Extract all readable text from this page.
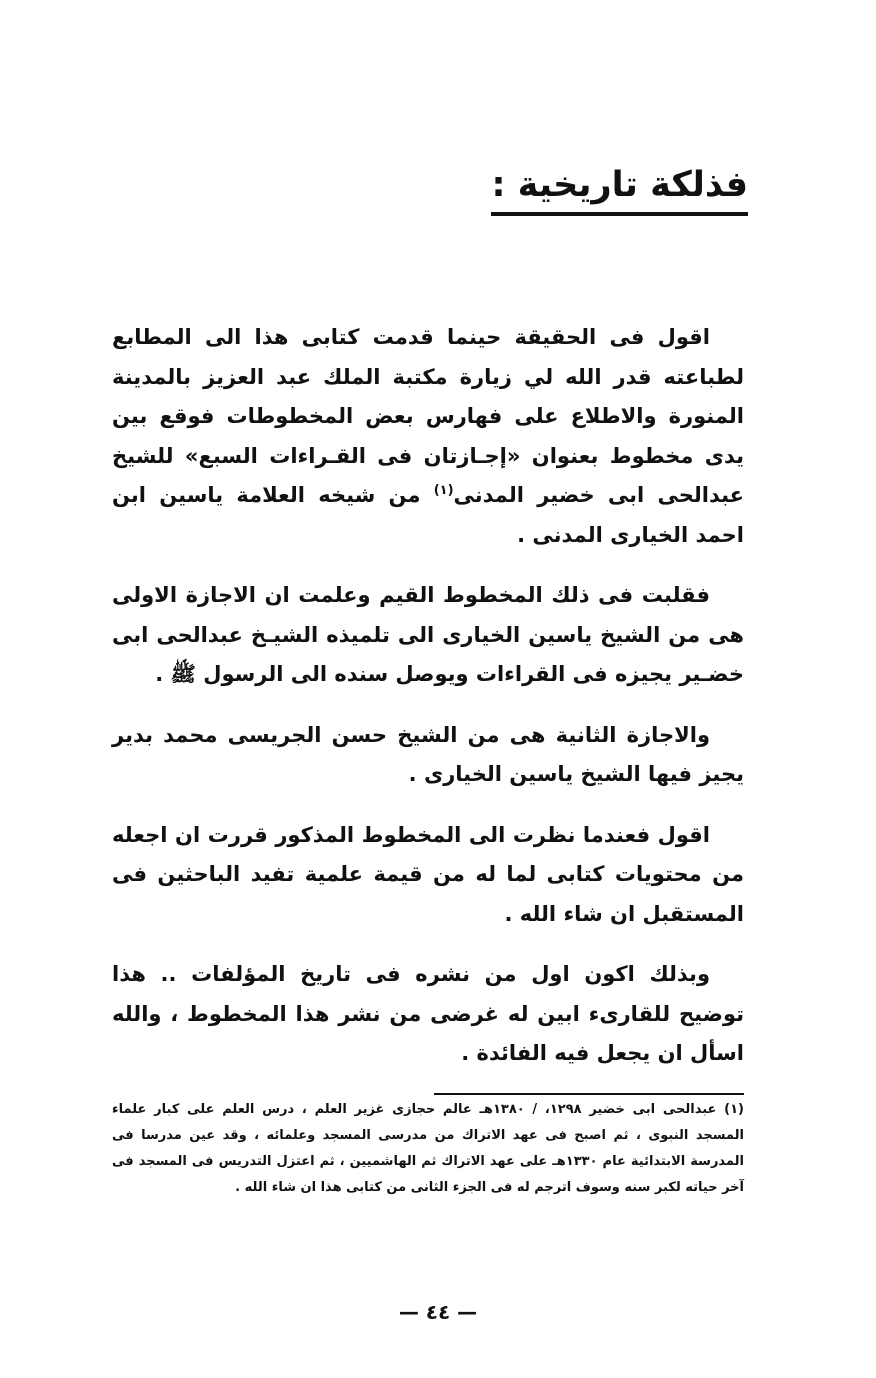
فذلكة تاريخية :

اقول فى الحقيقة حينما قدمت كتابى هذا الى المطابع لطباعته قدر الله لي زيارة مكتبة الملك عبد العزيز بالمدينة المنورة والاطلاع على فهارس بعض المخطوطات فوقع بين يدى مخطوط بعنوان «إجـازتان فى القـراءات السبع» للشيخ عبدالحى ابى خضير المدنى$^{(١)}$ من شيخه العلامة ياسين ابن احمد الخيارى المدنى .

فقلبت فى ذلك المخطوط القيم وعلمت ان الاجازة الاولى هى من الشيخ ياسين الخيارى الى تلميذه الشيـخ عبدالحى ابى خضـير يجيزه فى القراءات ويوصل سنده الى الرسول ﷺ .

والاجازة الثانية هى من الشيخ حسن الجريسى محمد بدير يجيز فيها الشيخ ياسين الخيارى .

اقول فعندما نظرت الى المخطوط المذكور قررت ان اجعله من محتويات كتابى لما له من قيمة علمية تفيد الباحثين فى المستقبل ان شاء الله .

وبذلك اكون اول من نشره فى تاريخ المؤلفات .. هذا توضيح للقارىء ابين له غرضى من نشر هذا المخطوط ، والله اسأل ان يجعل فيه الفائدة .

(١) عبدالحى ابى خضير ١٢٩٨، / ١٣٨٠هـ عالم حجازى غزير العلم ، درس العلم على كبار علماء المسجد النبوى ، ثم اصبح فى عهد الاتراك من مدرسى المسجد وعلمائه ، وقد عين مدرسا فى المدرسة الابتدائية عام ١٣٣٠هـ على عهد الاتراك ثم الهاشميين ، ثم اعتزل التدريس فى المسجد فى آخر حياته لكبر سنه وسوف اترجم له فى الجزء الثانى من كتابى هذا ان شاء الله .
— ٤٤ —
